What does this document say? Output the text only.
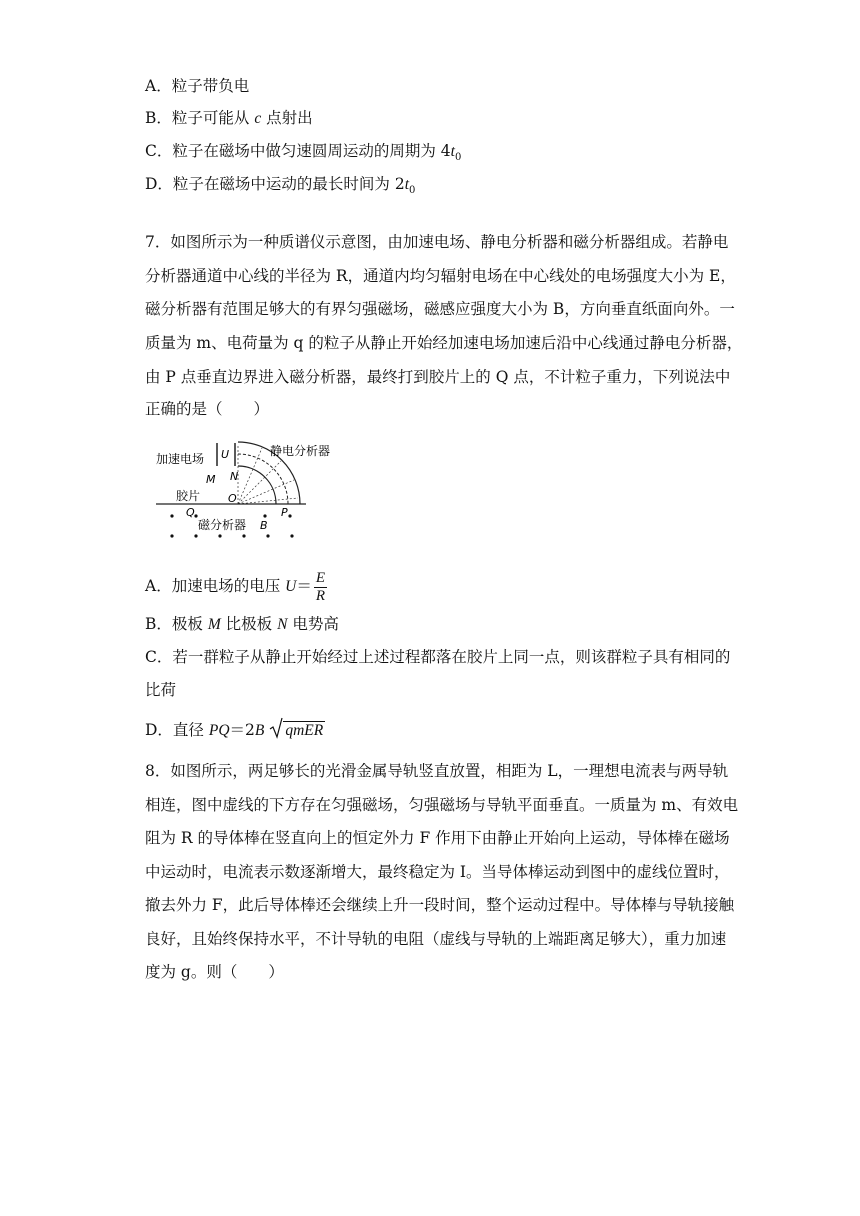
A．粒子带负电
B．粒子可能从 c 点射出
C．粒子在磁场中做匀速圆周运动的周期为 $4t_0$
D．粒子在磁场中运动的最长时间为 $2t_0$
7．如图所示为一种质谱仪示意图，由加速电场、静电分析器和磁分析器组成。若静电
分析器通道中心线的半径为 R，通道内均匀辐射电场在中心线处的电场强度大小为 E，
磁分析器有范围足够大的有界匀强磁场，磁感应强度大小为 B，方向垂直纸面向外。一
质量为 m、电荷量为 q 的粒子从静止开始经加速电场加速后沿中心线通过静电分析器，
由 P 点垂直边界进入磁分析器，最终打到胶片上的 Q 点，不计粒子重力，下列说法中
正确的是（　　）
加速电场 U
M N
O
静电分析器
胶片
Q
磁分析器 B
P
A．加速电场的电压 $U= \frac{E}{R}$
B．极板 M 比极板 N 电势高
C．若一群粒子从静止开始经过上述过程都落在胶片上同一点，则该群粒子具有相同的
比荷
D．直径 PQ＝2B qmER
8．如图所示，两足够长的光滑金属导轨竖直放置，相距为 L，一理想电流表与两导轨
相连，图中虚线的下方存在匀强磁场，匀强磁场与导轨平面垂直。一质量为 m、有效电
阻为 R 的导体棒在竖直向上的恒定外力 F 作用下由静止开始向上运动，导体棒在磁场
中运动时，电流表示数逐渐增大，最终稳定为 I。当导体棒运动到图中的虚线位置时，
撤去外力 F，此后导体棒还会继续上升一段时间，整个运动过程中。导体棒与导轨接触
良好，且始终保持水平，不计导轨的电阻（虚线与导轨的上端距离足够大），重力加速
度为 g。则（　　）
